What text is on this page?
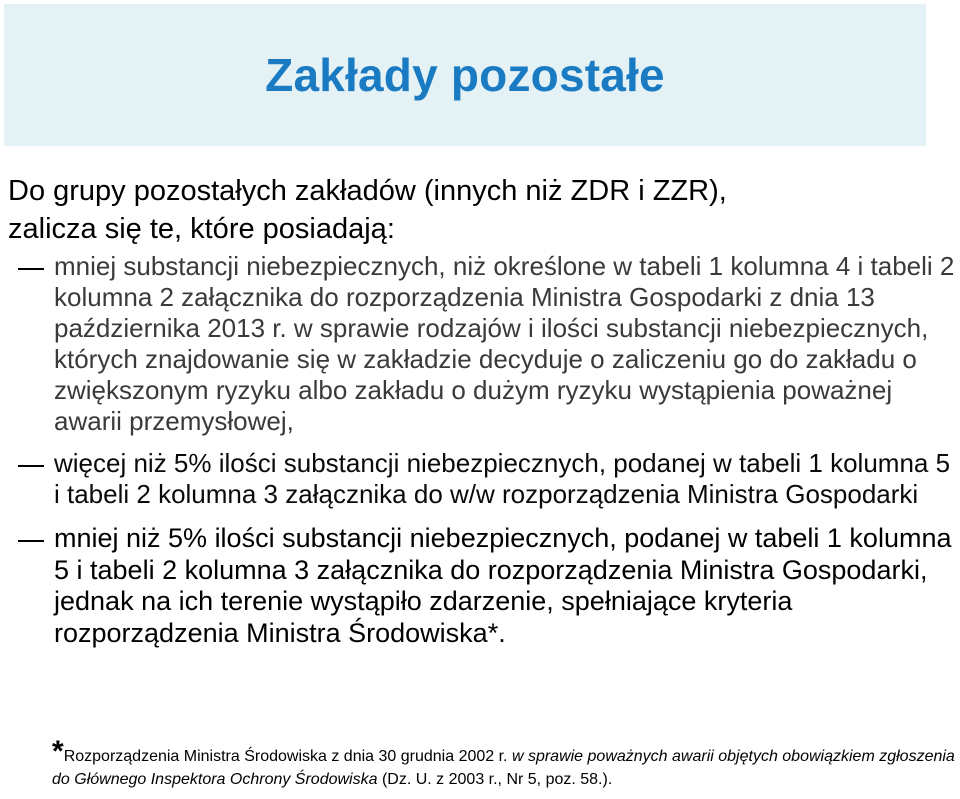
Zakłady pozostałe

Do grupy pozostałych zakładów (innych niż ZDR i ZZR),
zalicza się te, które posiadają:

mniej substancji niebezpiecznych, niż określone w tabeli 1 kolumna 4 i tabeli 2 kolumna 2 załącznika do rozporządzenia Ministra Gospodarki z dnia 13 października 2013 r. w sprawie rodzajów i ilości substancji niebezpiecznych, których znajdowanie się w zakładzie decyduje o zaliczeniu go do zakładu o zwiększonym ryzyku albo zakładu o dużym ryzyku wystąpienia poważnej awarii przemysłowej,
więcej niż 5% ilości substancji niebezpiecznych, podanej w tabeli 1 kolumna 5 i tabeli 2 kolumna 3 załącznika do w/w rozporządzenia Ministra Gospodarki
mniej niż 5% ilości substancji niebezpiecznych, podanej w tabeli 1 kolumna 5 i tabeli 2 kolumna 3 załącznika do rozporządzenia Ministra Gospodarki, jednak na ich terenie wystąpiło zdarzenie, spełniające kryteria rozporządzenia Ministra Środowiska*.
*Rozporządzenia Ministra Środowiska z dnia 30 grudnia 2002 r. w sprawie poważnych awarii objętych obowiązkiem zgłoszenia do Głównego Inspektora Ochrony Środowiska (Dz. U. z 2003 r., Nr 5, poz. 58.).
